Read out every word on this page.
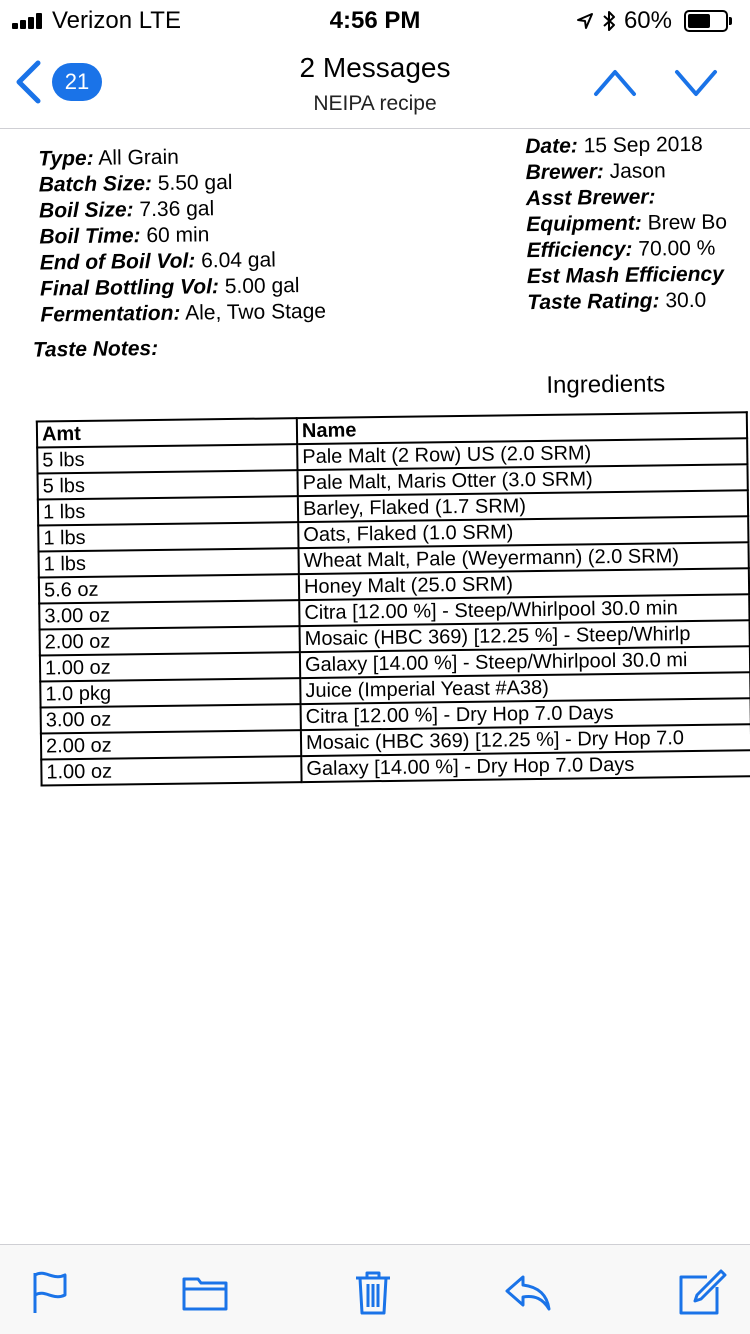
Verizon LTE	4:56 PM	60%
21	2 Messages
NEIPA recipe
Type: All Grain
Batch Size: 5.50 gal
Boil Size: 7.36 gal
Boil Time: 60 min
End of Boil Vol: 6.04 gal
Final Bottling Vol: 5.00 gal
Fermentation: Ale, Two Stage
Date: 15 Sep 2018
Brewer: Jason
Asst Brewer:
Equipment: Brew Bo
Efficiency: 70.00 %
Est Mash Efficiency
Taste Rating: 30.0
Taste Notes:
Ingredients
Amt	Name
5 lbs	Pale Malt (2 Row) US (2.0 SRM)
5 lbs	Pale Malt, Maris Otter (3.0 SRM)
1 lbs	Barley, Flaked (1.7 SRM)
1 lbs	Oats, Flaked (1.0 SRM)
1 lbs	Wheat Malt, Pale (Weyermann) (2.0 SRM)
5.6 oz	Honey Malt (25.0 SRM)
3.00 oz	Citra [12.00 %] - Steep/Whirlpool 30.0 min
2.00 oz	Mosaic (HBC 369) [12.25 %] - Steep/Whirlp
1.00 oz	Galaxy [14.00 %] - Steep/Whirlpool 30.0 mi
1.0 pkg	Juice (Imperial Yeast #A38)
3.00 oz	Citra [12.00 %] - Dry Hop 7.0 Days
2.00 oz	Mosaic (HBC 369) [12.25 %] - Dry Hop 7.0
1.00 oz	Galaxy [14.00 %] - Dry Hop 7.0 Days
